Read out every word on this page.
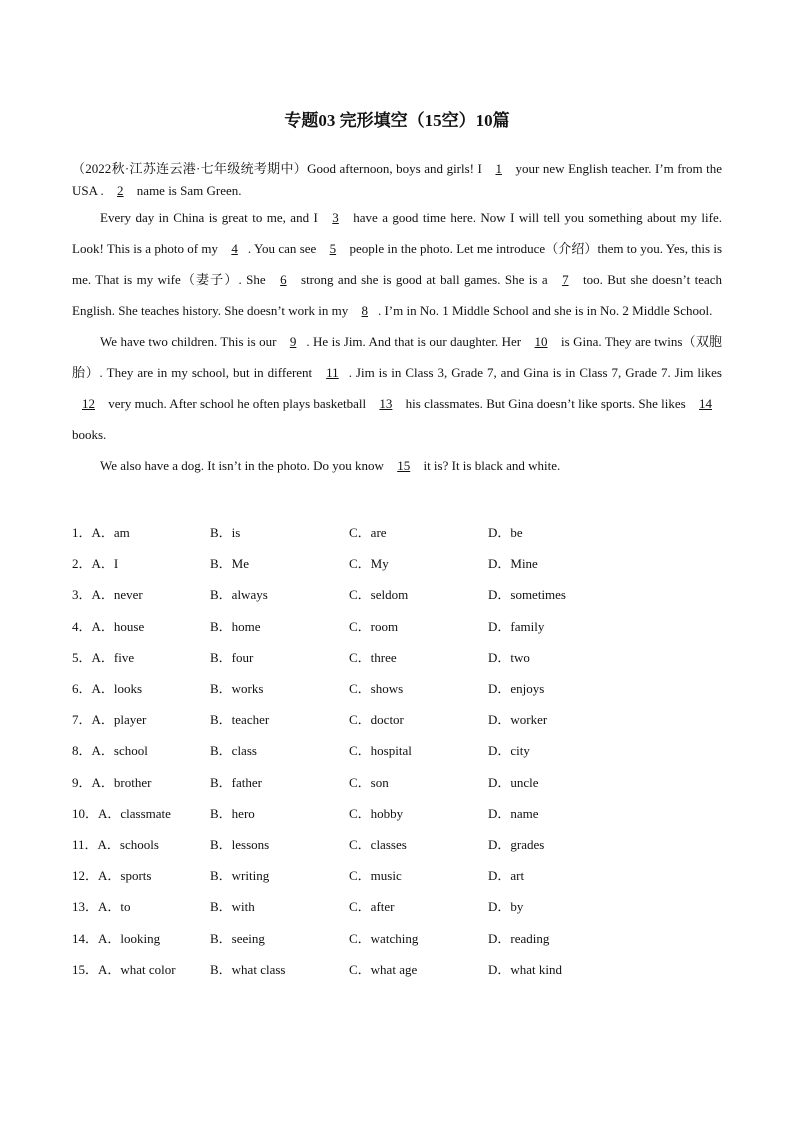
专题03 完形填空（15空）10篇
（2022秋·江苏连云港·七年级统考期中）Good afternoon, boys and girls! I 1 your new English teacher. I’m from the USA . 2 name is Sam Green.
Every day in China is great to me, and I 3 have a good time here. Now I will tell you something about my life. Look! This is a photo of my 4 . You can see 5 people in the photo. Let me introduce（介绍）them to you. Yes, this is me. That is my wife（妻子）. She 6 strong and she is good at ball games. She is a 7 too. But she doesn’t teach English. She teaches history. She doesn’t work in my 8 . I’m in No. 1 Middle School and she is in No. 2 Middle School.
We have two children. This is our 9 . He is Jim. And that is our daughter. Her 10 is Gina. They are twins（双胞胎）. They are in my school, but in different 11 . Jim is in Class 3, Grade 7, and Gina is in Class 7, Grade 7. Jim likes 12 very much. After school he often plays basketball 13 his classmates. But Gina doesn’t like sports. She likes 14 books.
We also have a dog. It isn’t in the photo. Do you know 15 it is? It is black and white.
1．A．am	B．is	C．are	D．be
2．A．I	B．Me	C．My	D．Mine
3．A．never	B．always	C．seldom	D．sometimes
4．A．house	B．home	C．room	D．family
5．A．five	B．four	C．three	D．two
6．A．looks	B．works	C．shows	D．enjoys
7．A．player	B．teacher	C．doctor	D．worker
8．A．school	B．class	C．hospital	D．city
9．A．brother	B．father	C．son	D．uncle
10．A．classmate	B．hero	C．hobby	D．name
11．A．schools	B．lessons	C．classes	D．grades
12．A．sports	B．writing	C．music	D．art
13．A．to	B．with	C．after	D．by
14．A．looking	B．seeing	C．watching	D．reading
15．A．what color	B．what class	C．what age	D．what kind
